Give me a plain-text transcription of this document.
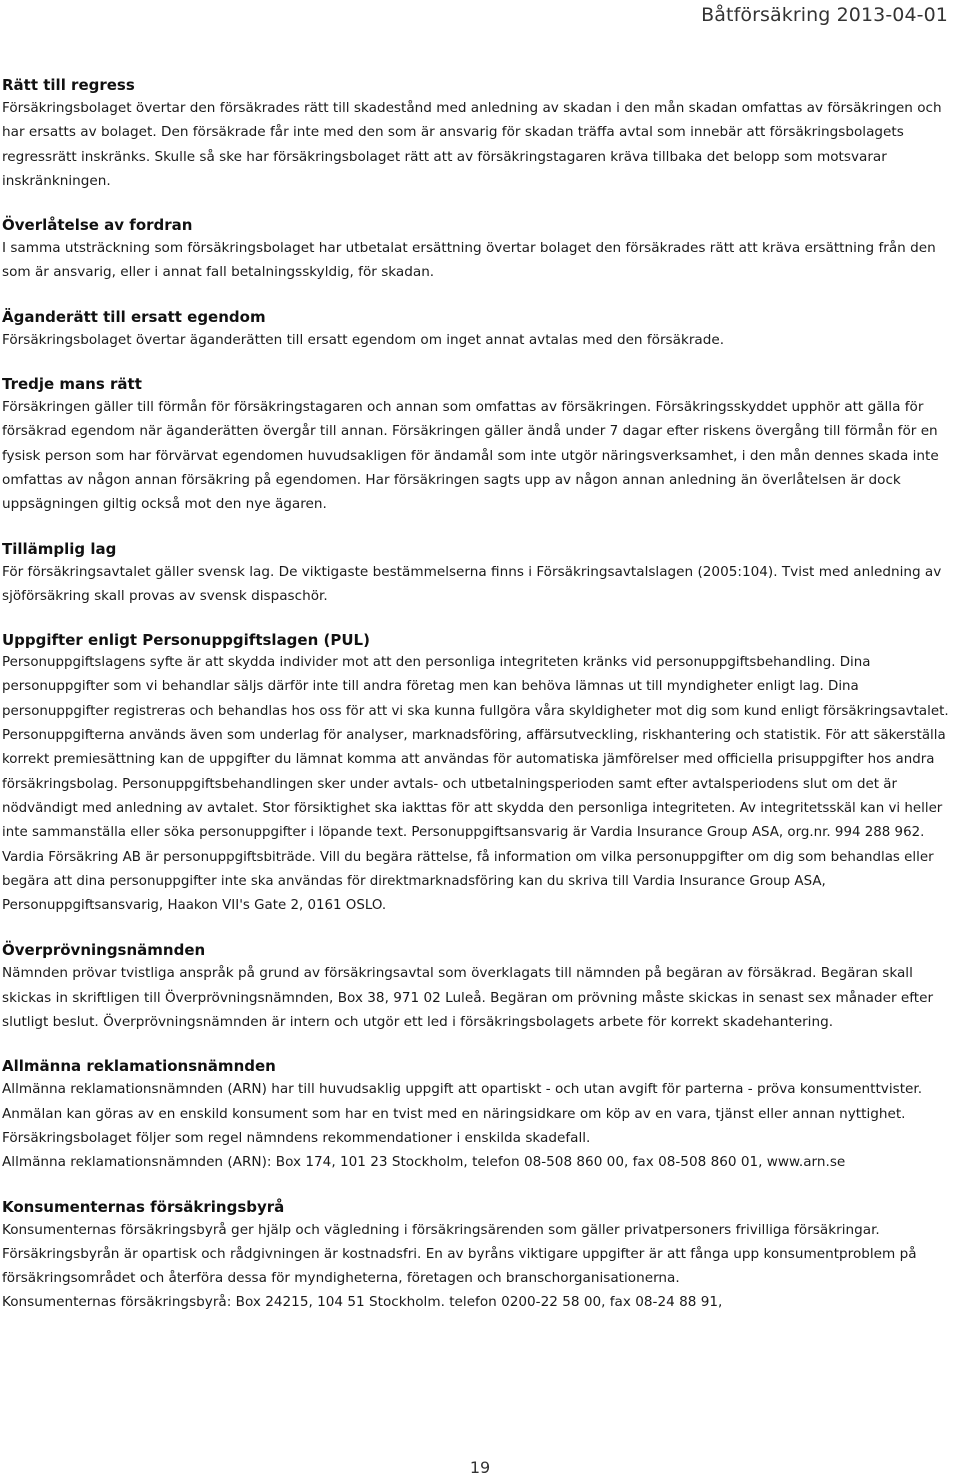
Båtförsäkring 2013-04-01
Rätt till regress

Försäkringsbolaget övertar den försäkrades rätt till skadestånd med anledning av skadan i den mån skadan omfattas av försäkringen och har ersatts av bolaget. Den försäkrade får inte med den som är ansvarig för skadan träffa avtal som innebär att försäkringsbolagets regressrätt inskränks. Skulle så ske har försäkringsbolaget rätt att av försäkringstagaren kräva tillbaka det belopp som motsvarar inskränkningen.

Överlåtelse av fordran

I samma utsträckning som försäkringsbolaget har utbetalat ersättning övertar bolaget den försäkrades rätt att kräva ersättning från den som är ansvarig, eller i annat fall betalningsskyldig, för skadan.

Äganderätt till ersatt egendom

Försäkringsbolaget övertar äganderätten till ersatt egendom om inget annat avtalas med den försäkrade.

Tredje mans rätt

Försäkringen gäller till förmån för försäkringstagaren och annan som omfattas av försäkringen. Försäkringsskyddet upphör att gälla för försäkrad egendom när äganderätten övergår till annan. Försäkringen gäller ändå under 7 dagar efter riskens övergång till förmån för en fysisk person som har förvärvat egendomen huvudsakligen för ändamål som inte utgör näringsverksamhet, i den mån dennes skada inte omfattas av någon annan försäkring på egendomen. Har försäkringen sagts upp av någon annan anledning än överlåtelsen är dock uppsägningen giltig också mot den nye ägaren.

Tillämplig lag

För försäkringsavtalet gäller svensk lag. De viktigaste bestämmelserna finns i Försäkringsavtalslagen (2005:104). Tvist med anledning av sjöförsäkring skall provas av svensk dispaschör.

Uppgifter enligt Personuppgiftslagen (PUL)

Personuppgiftslagens syfte är att skydda individer mot att den personliga integriteten kränks vid personuppgiftsbehandling. Dina personuppgifter som vi behandlar säljs därför inte till andra företag men kan behöva lämnas ut till myndigheter enligt lag. Dina personuppgifter registreras och behandlas hos oss för att vi ska kunna fullgöra våra skyldigheter mot dig som kund enligt försäkringsavtalet.

Personuppgifterna används även som underlag för analyser, marknadsföring, affärsutveckling, riskhantering och statistik. För att säkerställa korrekt premiesättning kan de uppgifter du lämnat komma att användas för automatiska jämförelser med officiella prisuppgifter hos andra försäkringsbolag. Personuppgiftsbehandlingen sker under avtals- och utbetalningsperioden samt efter avtalsperiodens slut om det är nödvändigt med anledning av avtalet. Stor försiktighet ska iakttas för att skydda den personliga integriteten. Av integritetsskäl kan vi heller inte sammanställa eller söka personuppgifter i löpande text. Personuppgiftsansvarig är Vardia Insurance Group ASA, org.nr. 994 288 962. Vardia Försäkring AB är personuppgiftsbiträde. Vill du begära rättelse, få information om vilka personuppgifter om dig som behandlas eller begära att dina personuppgifter inte ska användas för direktmarknadsföring kan du skriva till Vardia Insurance Group ASA, Personuppgiftsansvarig, Haakon VII's Gate 2, 0161 OSLO.

Överprövningsnämnden

Nämnden prövar tvistliga anspråk på grund av försäkringsavtal som överklagats till nämnden på begäran av försäkrad. Begäran skall skickas in skriftligen till Överprövningsnämnden, Box 38, 971 02 Luleå. Begäran om prövning måste skickas in senast sex månader efter slutligt beslut. Överprövningsnämnden är intern och utgör ett led i försäkringsbolagets arbete för korrekt skadehantering.

Allmänna reklamationsnämnden

Allmänna reklamationsnämnden (ARN) har till huvudsaklig uppgift att opartiskt - och utan avgift för parterna - pröva konsumenttvister. Anmälan kan göras av en enskild konsument som har en tvist med en näringsidkare om köp av en vara, tjänst eller annan nyttighet.

Försäkringsbolaget följer som regel nämndens rekommendationer i enskilda skadefall.

Allmänna reklamationsnämnden (ARN): Box 174, 101 23 Stockholm, telefon 08-508 860 00, fax 08-508 860 01, www.arn.se

Konsumenternas försäkringsbyrå

Konsumenternas försäkringsbyrå ger hjälp och vägledning i försäkringsärenden som gäller privatpersoners frivilliga försäkringar.

Försäkringsbyrån är opartisk och rådgivningen är kostnadsfri. En av byråns viktigare uppgifter är att fånga upp konsumentproblem på försäkringsområdet och återföra dessa för myndigheterna, företagen och branschorganisationerna.

Konsumenternas försäkringsbyrå: Box 24215, 104 51 Stockholm. telefon 0200-22 58 00, fax 08-24 88 91,

19
